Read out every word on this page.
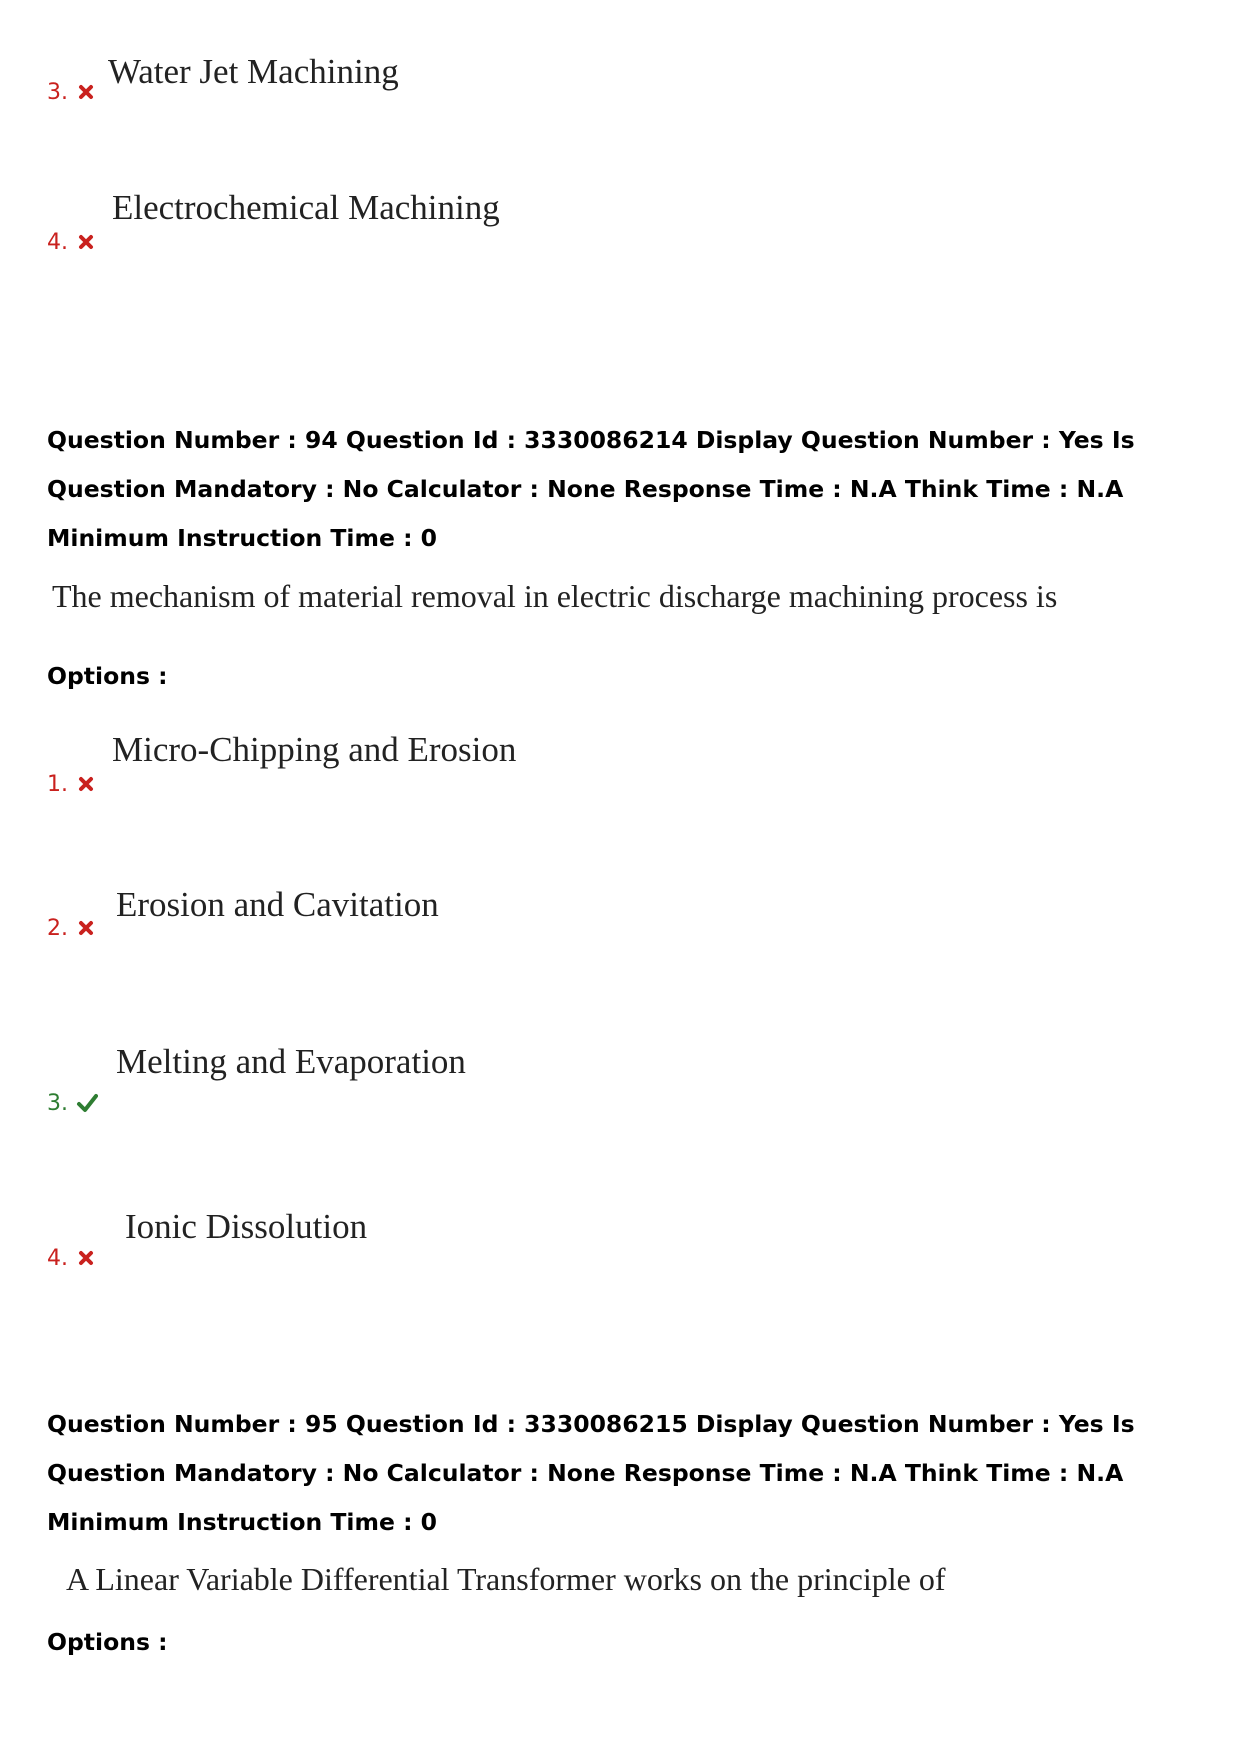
3.
Water Jet Machining
4.
Electrochemical Machining
Question Number : 94 Question Id : 3330086214 Display Question Number : Yes Is Question Mandatory : No Calculator : None Response Time : N.A Think Time : N.A Minimum Instruction Time : 0
The mechanism of material removal in electric discharge machining process is
Options :
1.
Micro-Chipping and Erosion
2.
Erosion and Cavitation
3.
Melting and Evaporation
4.
Ionic Dissolution
Question Number : 95 Question Id : 3330086215 Display Question Number : Yes Is Question Mandatory : No Calculator : None Response Time : N.A Think Time : N.A Minimum Instruction Time : 0
A Linear Variable Differential Transformer works on the principle of
Options :
